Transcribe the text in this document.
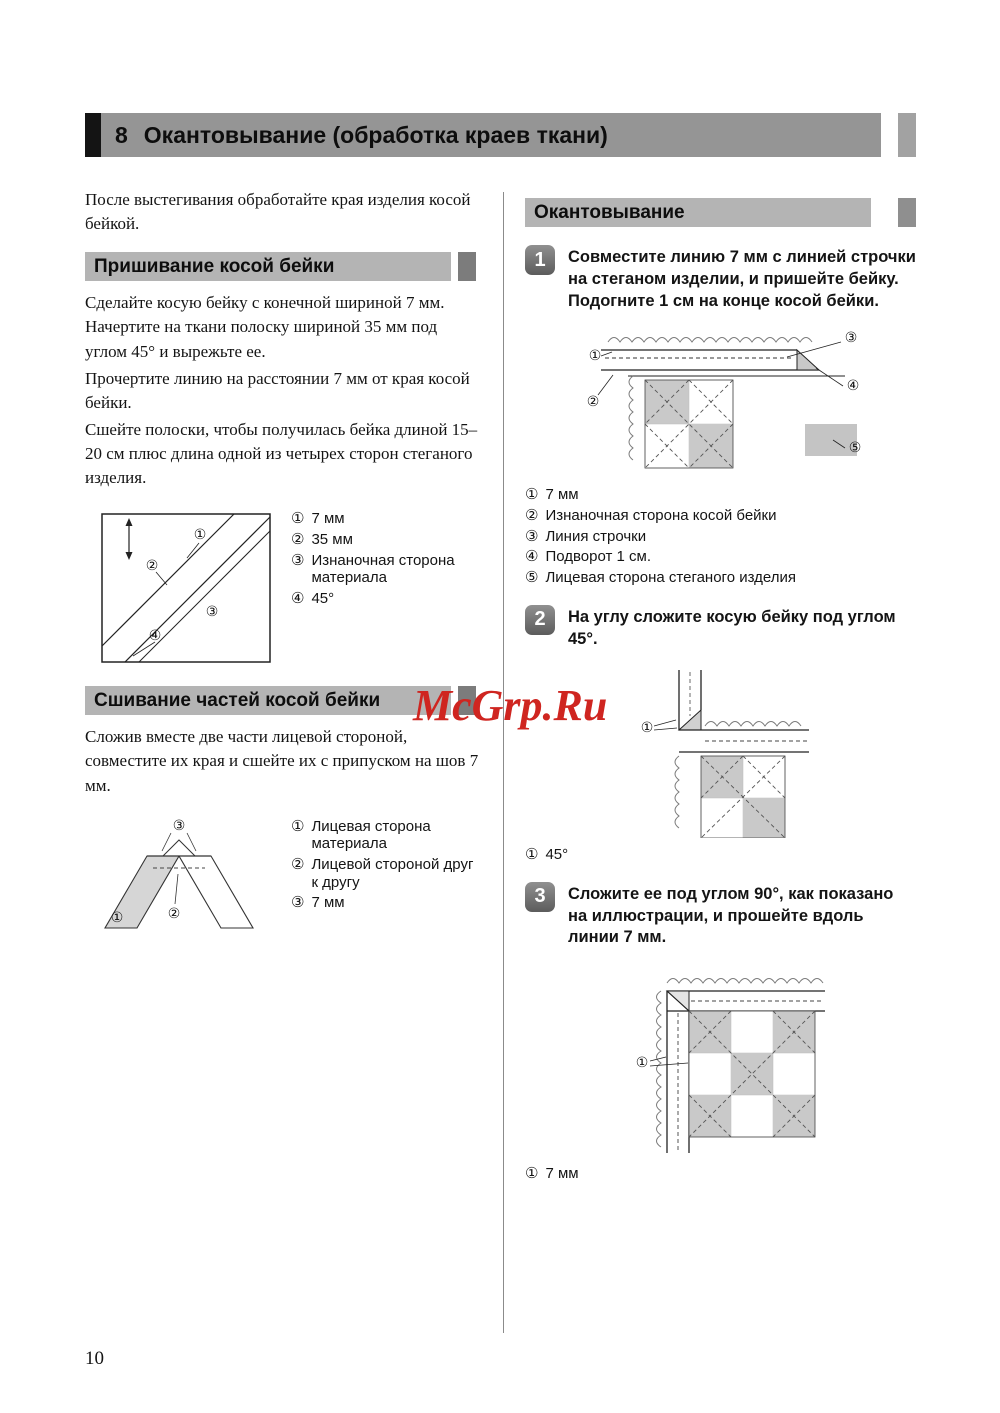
8 Окантовывание (обработка краев ткани)

После выстегивания обработайте края изделия косой бейкой.

Пришивание косой бейки

Сделайте косую бейку с конечной шириной 7 мм. Начертите на ткани полоску шириной 35 мм под углом 45° и вырежьте ее.

Прочертите линию на расстоянии 7 мм от края косой бейки.

Сшейте полоски, чтобы получилась бейка длиной 15–20 см плюс длина одной из четырех сторон стеганого изделия.

①
②
③
④
① 7 мм
② 35 мм
③ Изнаночная сторона материала
④ 45°
Сшивание частей косой бейки

Сложив вместе две части лицевой стороной, совместите их края и сшейте их с припуском на шов 7 мм.

③
①	②
① Лицевая сторона материала
② Лицевой стороной друг к другу
③ 7 мм
Окантовывание
1 Совместите линию 7 мм с линией строчки на стеганом изделии, и пришейте бейку. Подогните 1 см на конце косой бейки.
①
②
③
④
⑤
① 7 мм
② Изнаночная сторона косой бейки
③ Линия строчки
④ Подворот 1 см.
⑤ Лицевая сторона стеганого изделия
2 На углу сложите косую бейку под углом 45°.
①
① 45°
3 Сложите ее под углом 90°, как показано на иллюстрации, и прошейте вдоль линии 7 мм.
①
① 7 мм
McGrp.Ru
10
